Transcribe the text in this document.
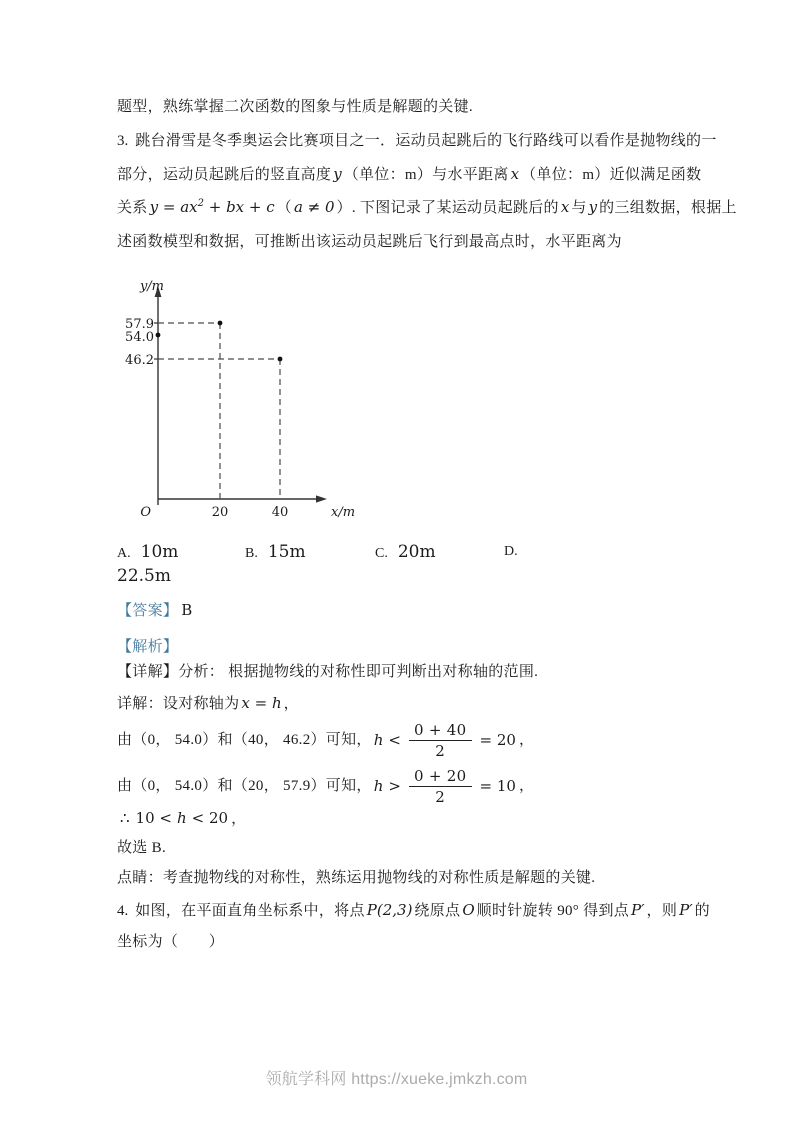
题型，熟练掌握二次函数的图象与性质是解题的关键.
3. 跳台滑雪是冬季奥运会比赛项目之一．运动员起跳后的飞行路线可以看作是抛物线的一
部分，运动员起跳后的竖直高度 y （单位：m）与水平距离 x （单位：m）近似满足函数
关系 $y = ax^2$ + bx + c （ a ≠ 0 ）. 下图记录了某运动员起跳后的 x 与 y 的三组数据，根据上
述函数模型和数据，可推断出该运动员起跳后飞行到最高点时，水平距离为
y/m
57.9
54.0
46.2
O	20	40	x/m
A. 10m	B. 15m	C. 20m	D.
22.5m
【答案】 B
【解析】
【详解】分析： 根据抛物线的对称性即可判断出对称轴的范围.
详解：设对称轴为 x = h ，
由（0， 54.0）和（40， 46.2）可知， $h < \frac{0 + 40}{2} = 20$ ，
由（0， 54.0）和（20， 57.9）可知， $h > \frac{0 + 20}{2} = 10$ ，
∴ 10 < h < 20 ，
故选 B.
点睛：考查抛物线的对称性，熟练运用抛物线的对称性质是解题的关键.
4. 如图，在平面直角坐标系中，将点 P(2,3) 绕原点 O 顺时针旋转 90° 得到点 P′ ，则 P′ 的
坐标为（　　）
领航学科网 https://xueke.jmkzh.com
